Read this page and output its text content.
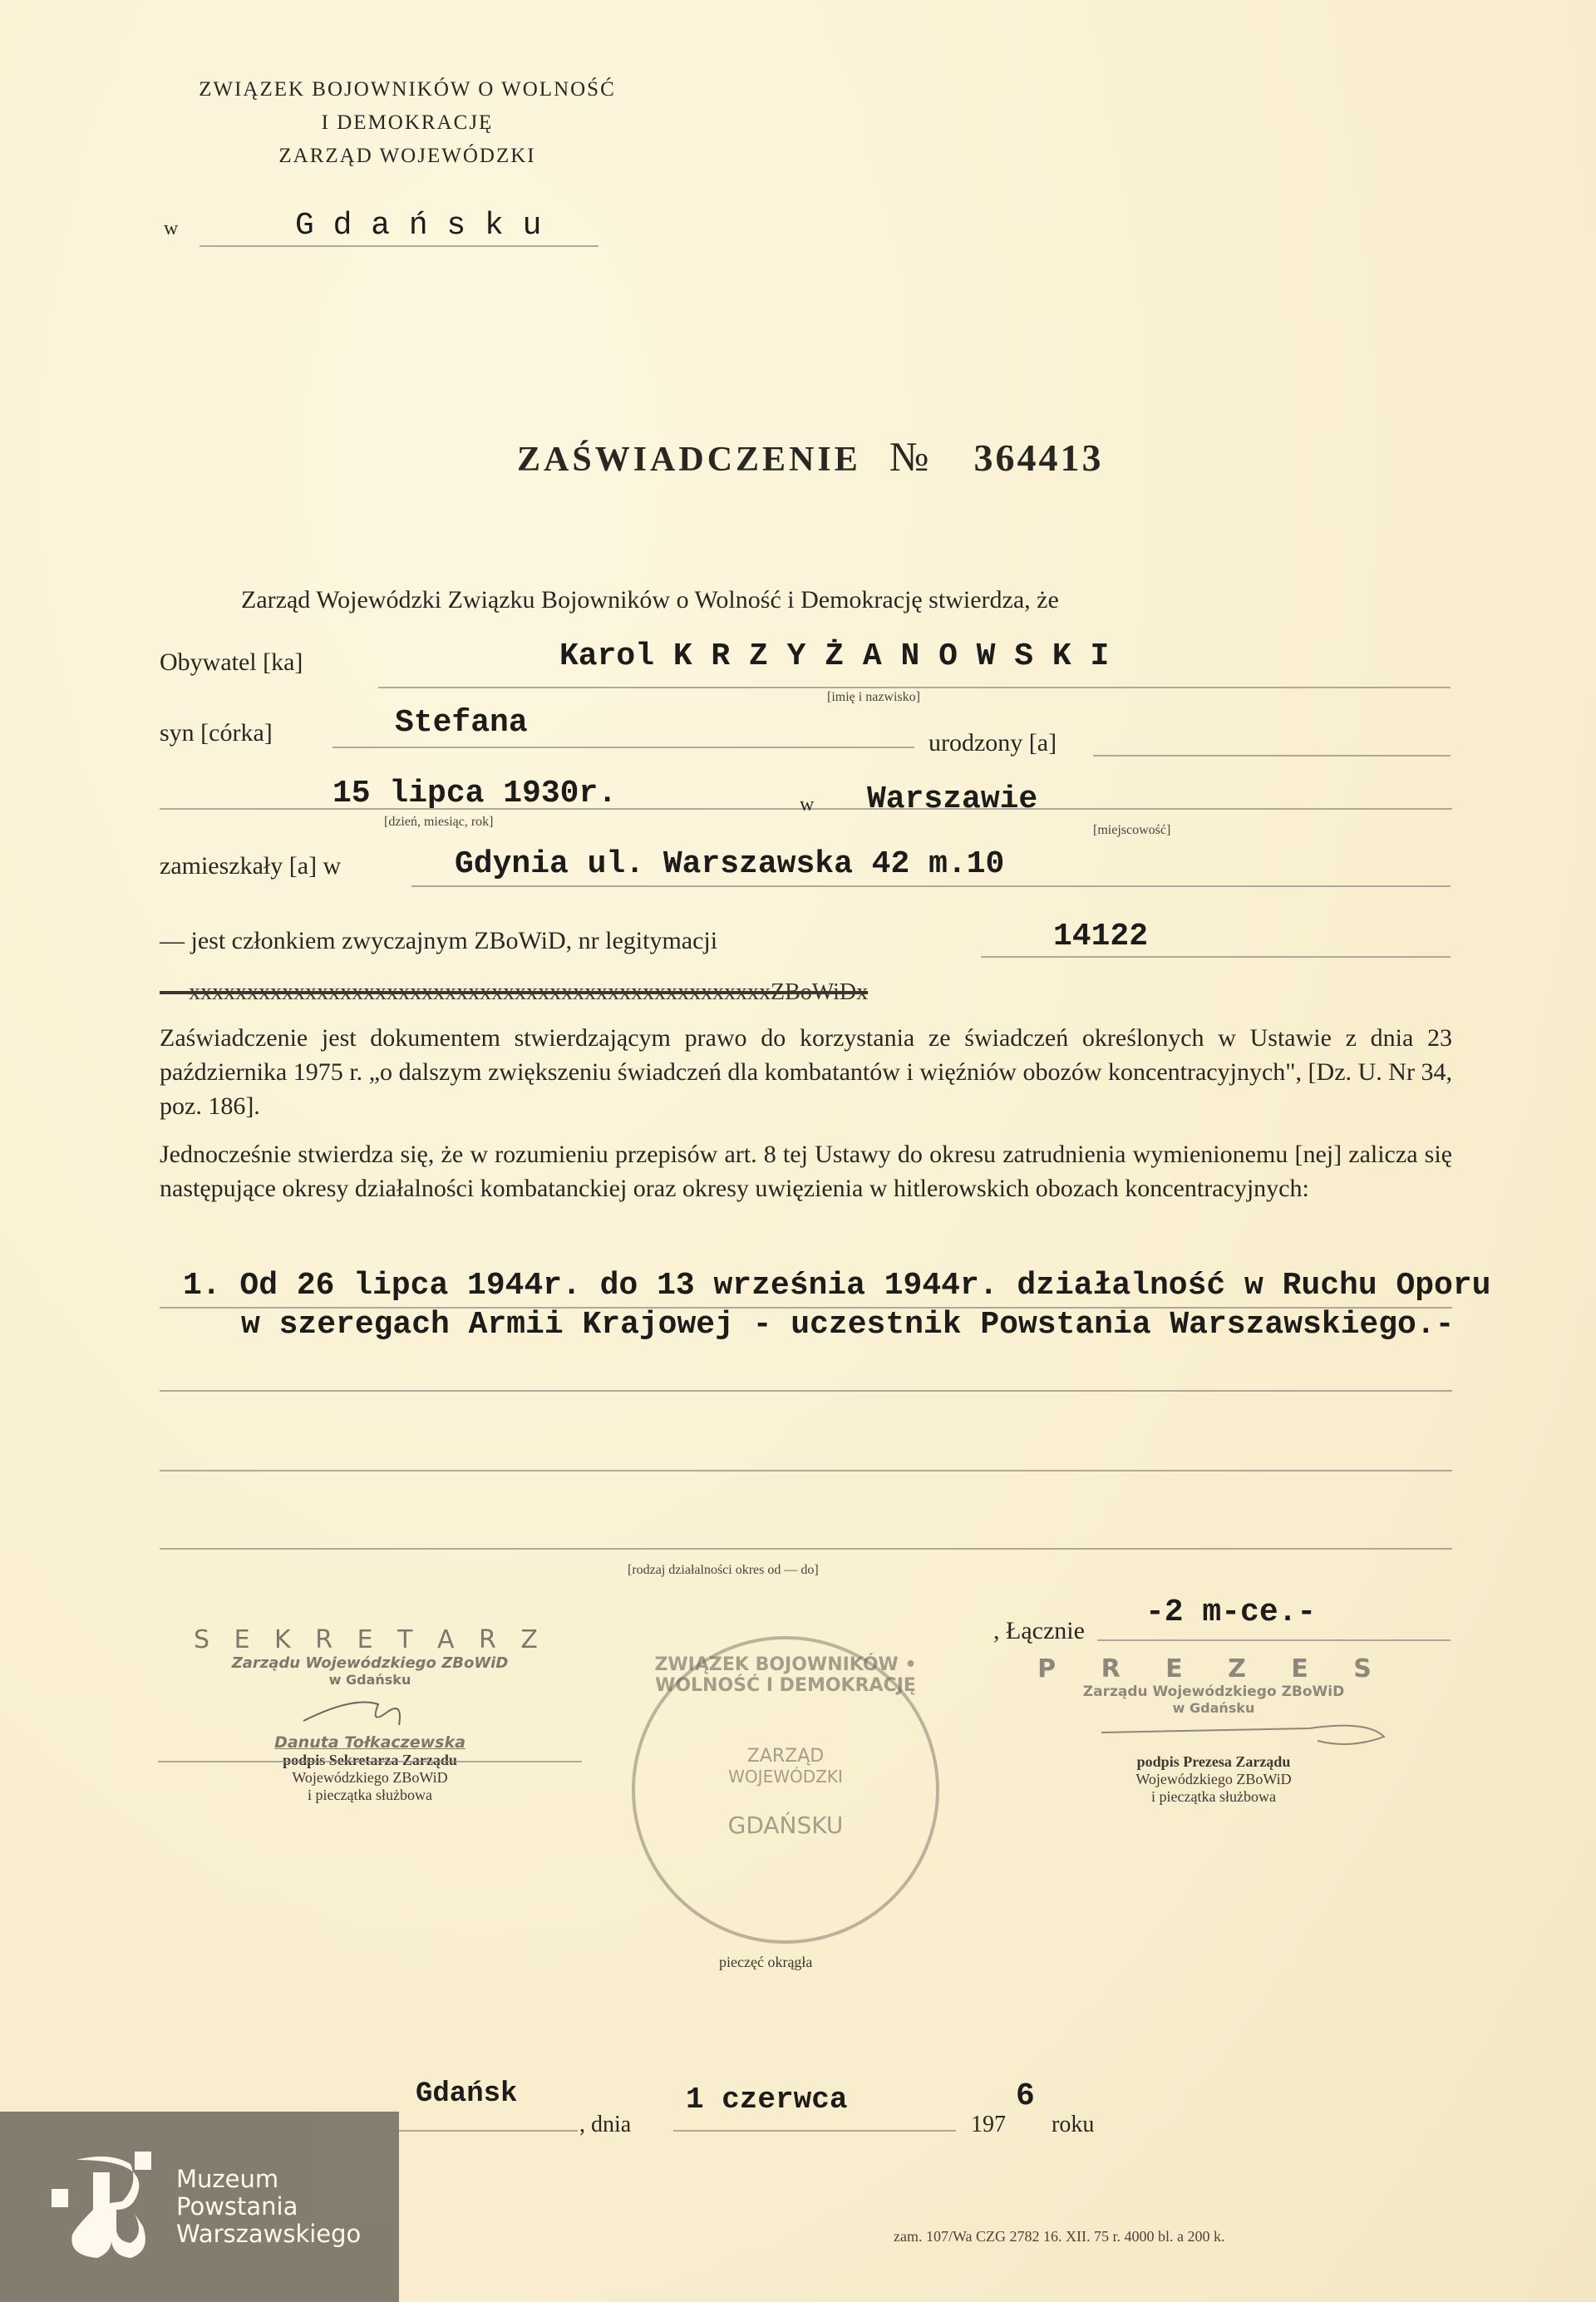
ZWIĄZEK BOJOWNIKÓW O WOLNOŚĆ
I DEMOKRACJĘ
ZARZĄD WOJEWÓDZKI
w	G d a ń s k u
ZAŚWIADCZENIE № 364413
Zarząd Wojewódzki Związku Bojowników o Wolność i Demokrację stwierdza, że
Obywatel [ka]	Karol K R Z Y Ż A N O W S K I
[imię i nazwisko]
syn [córka]	Stefana
urodzony [a]
15 lipca 1930r.
[dzień, miesiąc, rok]
w Warszawie
[miejscowość]
zamieszkały [a] w	Gdynia ul. Warszawska 42 m.10
— jest członkiem zwyczajnym ZBoWiD, nr legitymacji	14122
— xxxxxxxxxxxxxxxxxxxxxxxxxxxxxxxxxxxxxxxxxxxxxxxxxxZBoWiDx
Zaświadczenie jest dokumentem stwierdzającym prawo do korzystania ze świadczeń określonych w Ustawie z dnia 23 października 1975 r. „o dalszym zwiększeniu świadczeń dla kombatantów i więźniów obozów koncentracyjnych", [Dz. U. Nr 34, poz. 186].
Jednocześnie stwierdza się, że w rozumieniu przepisów art. 8 tej Ustawy do okresu zatrudnienia wymienionemu [nej] zalicza się następujące okresy działalności kombatanckiej oraz okresy uwięzienia w hitlerowskich obozach koncentracyjnych:
1. Od 26 lipca 1944r. do 13 września 1944r. działalność w Ruchu Oporu
w szeregach Armii Krajowej - uczestnik Powstania Warszawskiego.-
[rodzaj działalności okres od — do]
, Łącznie
-2 m-ce.-
S E K R E T A R Z
Zarządu Wojewódzkiego ZBoWiD
w Gdańsku
Danuta Tołkaczewska
podpis Sekretarza Zarządu
Wojewódzkiego ZBoWiD
i pieczątka służbowa
ZWIĄZEK BOJOWNIKÓW • WOLNOŚĆ I DEMOKRACJĘ
ZARZĄD
WOJEWÓDZKI
GDAŃSKU
pieczęć okrągła
P R E Z E S
Zarządu Wojewódzkiego ZBoWiD
w Gdańsku
podpis Prezesa Zarządu
Wojewódzkiego ZBoWiD
i pieczątka służbowa
Gdańsk
, dnia
1 czerwca
197
6
roku
zam. 107/Wa CZG 2782 16. XII. 75 r. 4000 bl. a 200 k.
Muzeum
Powstania
Warszawskiego
